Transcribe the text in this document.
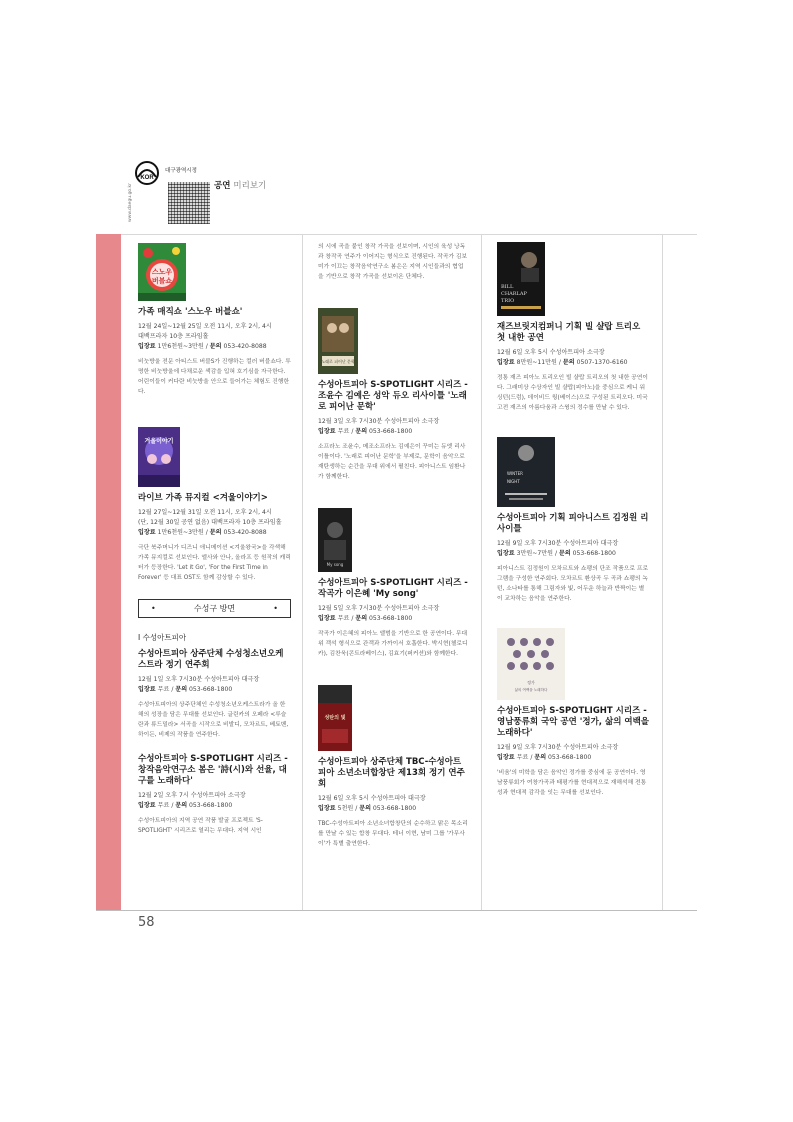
KOR
대구광역시정
www.daegu.go.kr	공연 미리보기
스노우
버블쇼
가족 매직쇼 '스노우 버블쇼'
12월 24일~12월 25일 오전 11시, 오후 2시, 4시
대백프라자 10층 프라임홀
입장료 1만6천원~3만원 / 문의 053-420-8088
비눗방울 전문 아티스트 버블S가 진행하는 컬러 버블쇼다. 투명한 비눗방울에 다채로운 색감을 입혀 호기심을 자극한다. 어린이들이 커다란 비눗방울 안으로 들어가는 체험도 진행한다.
겨울이야기
라이브 가족 뮤지컬 <겨울이야기>
12월 27일~12월 31일 오전 11시, 오후 2시, 4시
(단, 12월 30일 공연 없음) 대백프라자 10층 프라임홀
입장료 1만6천원~3만원 / 문의 053-420-8088
극단 북주머니가 디즈니 애니메이션 <겨울왕국>을 각색해 가족 뮤지컬로 선보인다. 엘사와 안나, 올라프 등 원작의 캐릭터가 등장한다. 'Let it Go', 'For the First Time in Forever' 등 대표 OST도 함께 감상할 수 있다.
•	수성구 방면	•
I 수성아트피아
수성아트피아 상주단체 수성청소년오케스트라 정기 연주회
12월 1일 오후 7시30분 수성아트피아 대극장
입장료 무료 / 문의 053-668-1800
수성아트피아의 상주단체인 수성청소년오케스트라가 올 한 해의 성장을 담은 무대를 선보인다. 글린카의 오페라 <루슬란과 류드밀라> 서곡을 시작으로 비발디, 모차르트, 베토벤, 하이든, 비제의 작품을 연주한다.
수성아트피아 S-SPOTLIGHT 시리즈 -창작음악연구소 봄은 '詩(시)와 선율, 대구를 노래하다'
12월 2일 오후 7시 수성아트피아 소극장
입장료 무료 / 문의 053-668-1800
수성아트피아의 지역 공연 작품 발굴 프로젝트 'S-SPOTLIGHT' 시리즈로 열리는 무대다. 지역 시인
의 시에 곡을 붙인 창작 가곡을 선보이며, 시인의 육성 낭독과 창작곡 연주가 이어지는 형식으로 진행된다. 작곡가 김보미가 이끄는 창작음악연구소 봄은은 지역 시인들과의 협업을 기반으로 창작 가곡을 선보이온 단체다.
노래로 피어난 문학
수성아트피아 S-SPOTLIGHT 시리즈 -조윤수 김예은 성악 듀오 리사이틀 '노래로 피어난 문학'
12월 3일 오후 7시30분 수성아트피아 소극장
입장료 무료 / 문의 053-668-1800
소프라노 조윤수, 메조소프라노 김예은이 꾸미는 듀엣 리사이틀이다. '노래로 피어난 문학'을 부제로, 문학이 음악으로 재탄생하는 순간을 무대 위에서 펼친다. 피아니스트 임환나가 함께한다.
My song
수성아트피아 S-SPOTLIGHT 시리즈 -작곡가 이은혜 'My song'
12월 5일 오후 7시30분 수성아트피아 소극장
입장료 무료 / 문의 053-668-1800
작곡가 이은혜의 피아노 앨범을 기반으로 한 공연이다. 무대 위 객석 형식으로 관객과 가까이서 호흡한다. 박시현(첼로디카), 김찬욱(콘트라베이스), 김효기(퍼커션)와 함께한다.
성탄의 빛
수성아트피아 상주단체 TBC-수성아트피아 소년소녀합창단 제13회 정기 연주회
12월 6일 오후 5시 수성아트피아 대극장
입장료 5천원 / 문의 053-668-1800
TBC-수성아트피아 소년소녀합창단의 순수하고 맑은 목소리를 만날 수 있는 합창 무대다. 테너 이현, 남미 그룹 '가무사이'가 특별 출연한다.
BILL
CHARLAP
TRIO
재즈브릿지컴퍼니 기획 빌 샬랍 트리오 첫 내한 공연
12월 6일 오후 5시 수성아트피아 소극장
입장료 8만원~11만원 / 문의 0507-1370-6160
정통 재즈 피아노 트리오인 빌 샬랍 트리오의 첫 내한 공연이다. 그래미상 수상자인 빌 샬랍(피아노)을 중심으로 케니 워싱턴(드럼), 데이비드 웡(베이스)으로 구성된 트리오다. 미국 고전 재즈의 아름다움과 스윙의 정수를 만날 수 있다.
WINTER
NIGHT
수성아트피아 기획 피아니스트 김정원 리사이틀
12월 9일 오후 7시30분 수성아트피아 대극장
입장료 3만원~7만원 / 문의 053-668-1800
피아니스트 김정원이 모차르트와 쇼팽의 단조 작품으로 프로그램을 구성한 연주회다. 모차르트 환상곡 두 곡과 쇼팽의 녹턴, 소나타를 통해 그림자와 빛, 어두운 하늘과 반짝이는 별이 교차하는 음악을 연주한다.
정가
삶의 여백을 노래하다
수성아트피아 S-SPOTLIGHT 시리즈 -영남풍류회 국악 공연 '정가, 삶의 여백을 노래하다'
12월 9일 오후 7시30분 수성아트피아 소극장
입장료 무료 / 문의 053-668-1800
'비움'의 미학을 담은 음악인 정가를 중심에 둔 공연이다. 영남풍류회가 여창가곡과 태평가를 현대적으로 재해석해 전통성과 현대적 감각을 잇는 무대를 선보인다.
58
